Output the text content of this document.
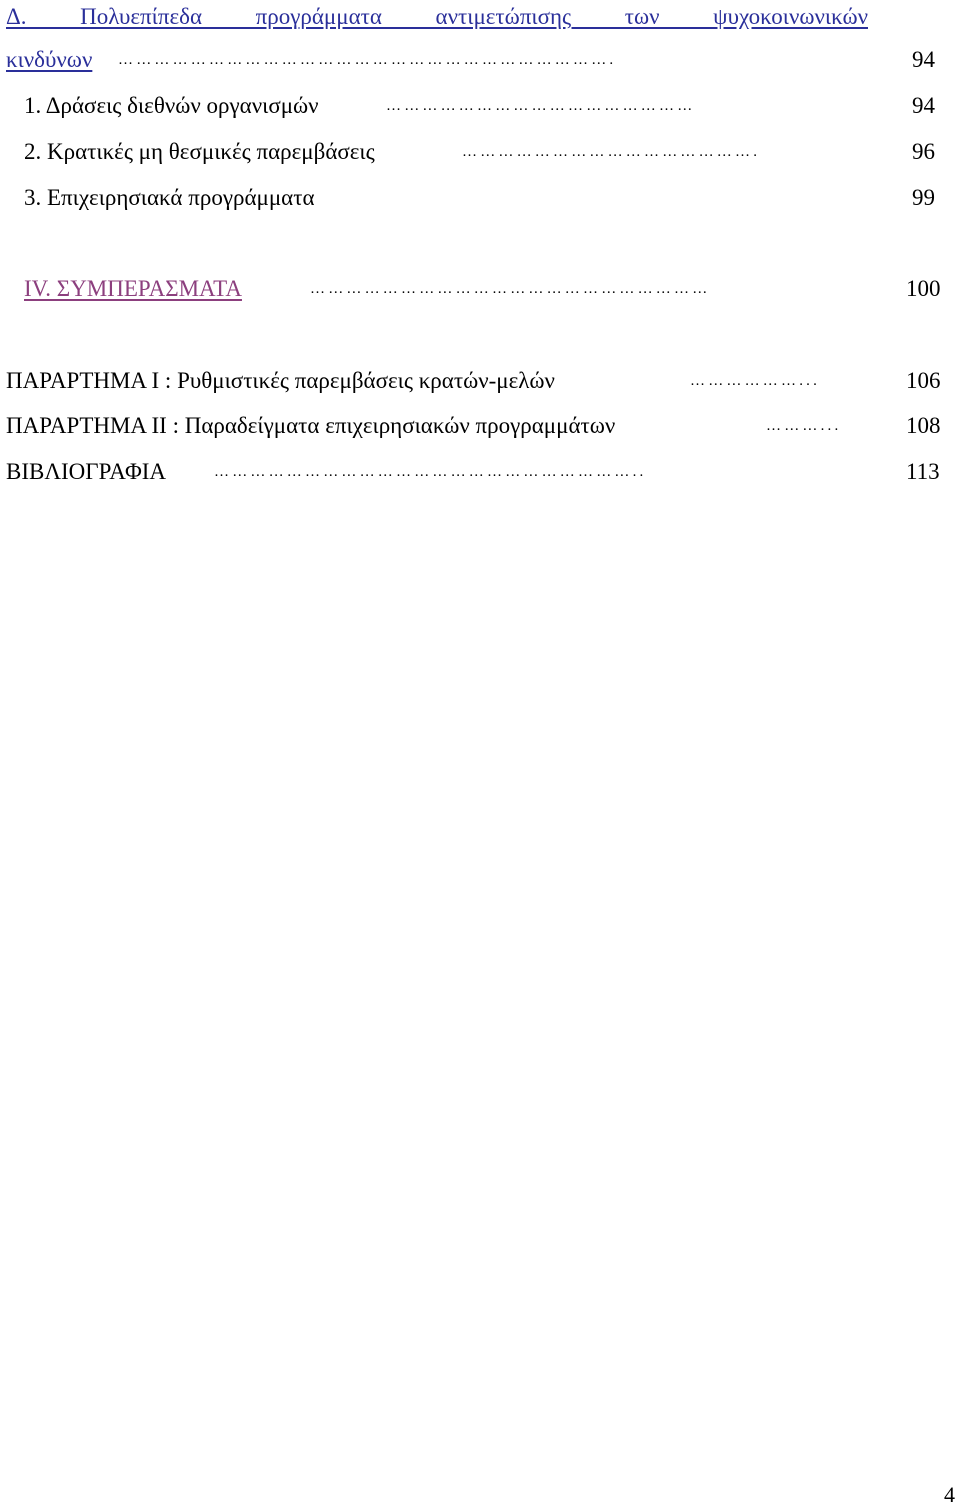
Δ. Πολυεπίπεδα προγράμματα αντιμετώπισης των ψυχοκοινωνικών
κινδύνων ……………………………………………………………………….	94
1. Δράσεις διεθνών οργανισμών	……………………………………………	94
2. Κρατικές μη θεσμικές παρεμβάσεις	………………………………………….	96
3. Επιχειρησιακά προγράμματα	99
IV. ΣΥΜΠΕΡΑΣΜΑΤΑ	…………………………………………………………	100
ΠΑΡΑΡΤΗΜΑ Ι : Ρυθμιστικές παρεμβάσεις κρατών-μελών	………………...	106
ΠΑΡΑΡΤΗΜΑ ΙΙ : Παραδείγματα επιχειρησιακών προγραμμάτων	………...	108
ΒΙΒΛΙΟΓΡΑΦΙΑ	……………………………………………………………..	113
4
